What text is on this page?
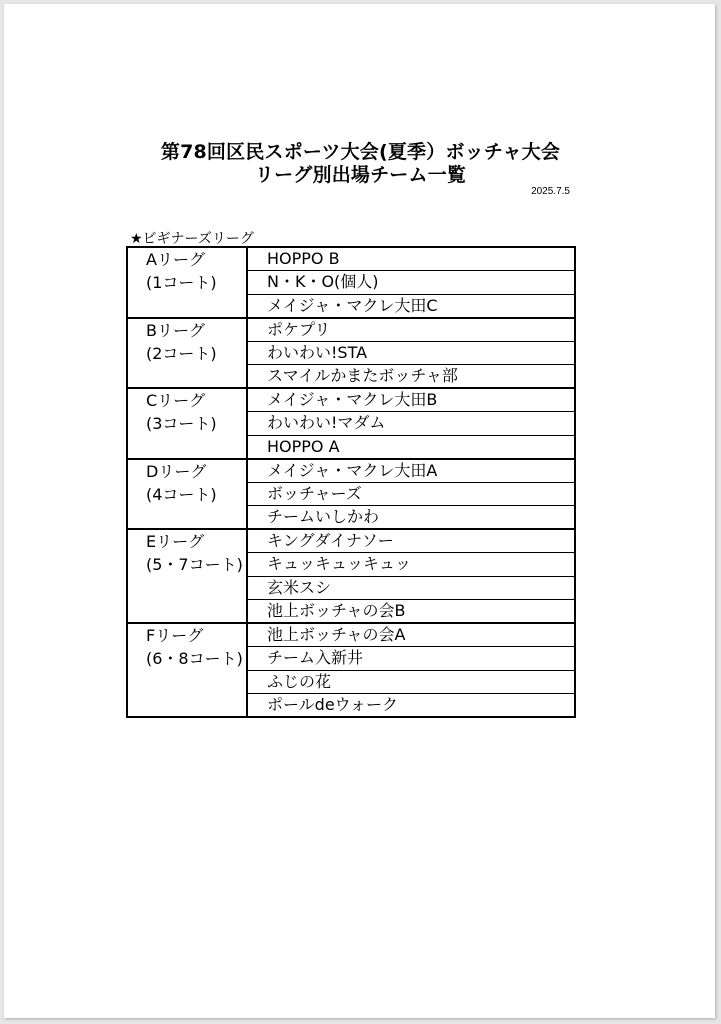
第78回区民スポーツ大会(夏季）ボッチャ大会
リーグ別出場チーム一覧
2025.7.5
★ビギナーズリーグ
Aリーグ
(1コート)	HOPPO B
	N・K・O(個人)
	メイジャ・マクレ大田C

Bリーグ
(2コート)	ポケプリ
	わいわい!STA
	スマイルかまたボッチャ部

Cリーグ
(3コート)	メイジャ・マクレ大田B
	わいわい!マダム
	HOPPO A

Dリーグ
(4コート)	メイジャ・マクレ大田A
	ボッチャーズ
	チームいしかわ

Eリーグ
(5・7コート)	キングダイナソー
	キュッキュッキュッ
	玄米スシ
	池上ボッチャの会B

Fリーグ
(6・8コート)	池上ボッチャの会A
	チーム入新井
	ふじの花
	ポールdeウォーク
